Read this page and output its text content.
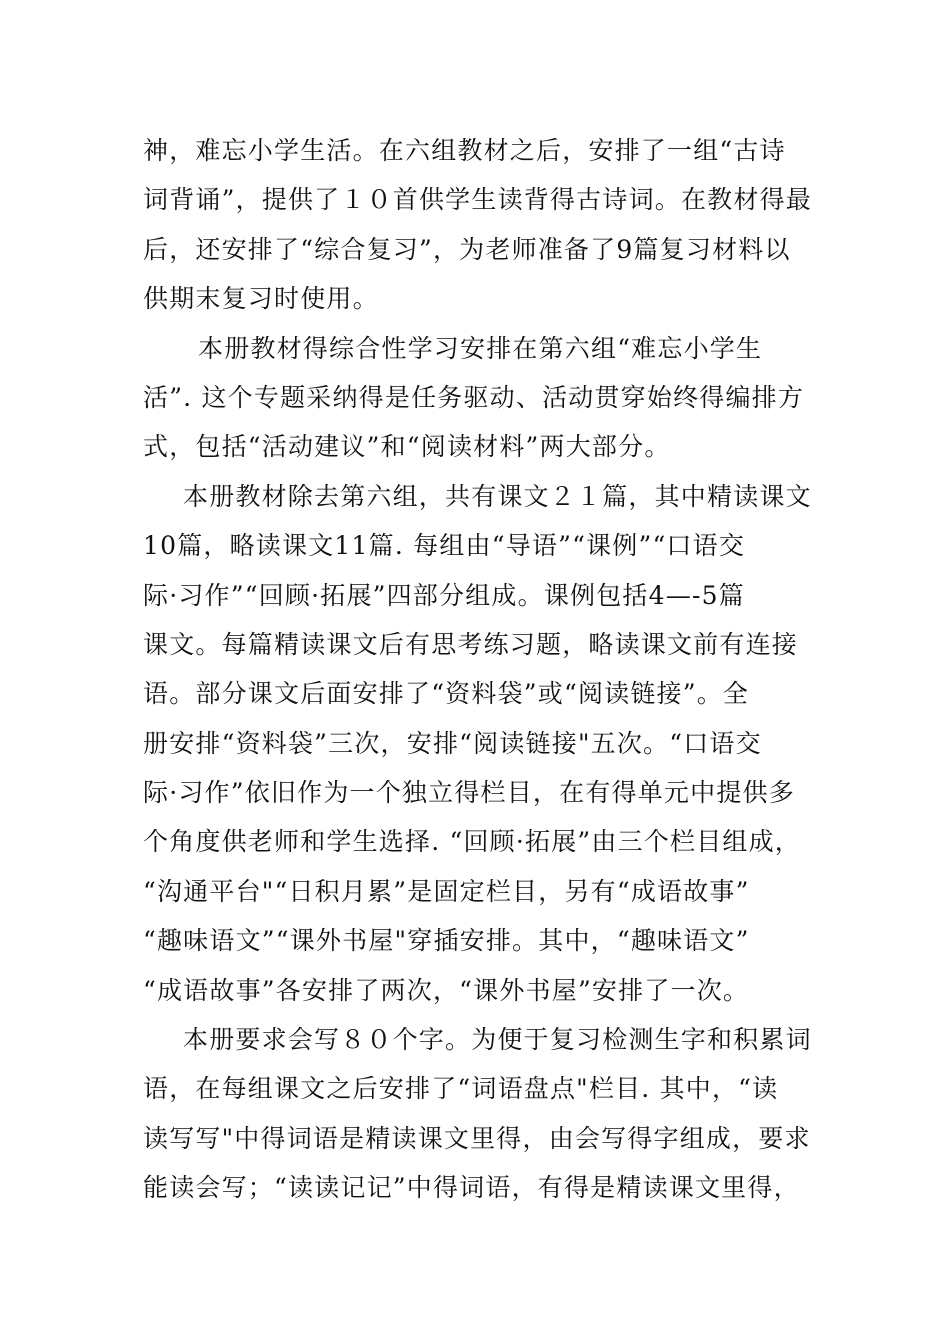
神，难忘小学生活。在六组教材之后，安排了一组“古诗
词背诵”，提供了１０首供学生读背得古诗词。在教材得最
后，还安排了“综合复习”，为老师准备了9篇复习材料以
供期末复习时使用。
本册教材得综合性学习安排在第六组“难忘小学生
活”. 这个专题采纳得是任务驱动、活动贯穿始终得编排方
式，包括“活动建议”和“阅读材料”两大部分。
本册教材除去第六组，共有课文２１篇，其中精读课文
10篇，略读课文11篇. 每组由“导语”“课例”“口语交
际·习作”“回顾·拓展”四部分组成。课例包括4—-5篇
课文。每篇精读课文后有思考练习题，略读课文前有连接
语。部分课文后面安排了“资料袋”或“阅读链接”。全
册安排“资料袋”三次，安排“阅读链接"五次。“口语交
际·习作”依旧作为一个独立得栏目，在有得单元中提供多
个角度供老师和学生选择. “回顾·拓展”由三个栏目组成，
“沟通平台"“日积月累”是固定栏目，另有“成语故事”
“趣味语文”“课外书屋"穿插安排。其中，“趣味语文”
“成语故事”各安排了两次，“课外书屋”安排了一次。
本册要求会写８０个字。为便于复习检测生字和积累词
语，在每组课文之后安排了“词语盘点"栏目. 其中，“读
读写写"中得词语是精读课文里得，由会写得字组成，要求
能读会写；“读读记记”中得词语，有得是精读课文里得，
